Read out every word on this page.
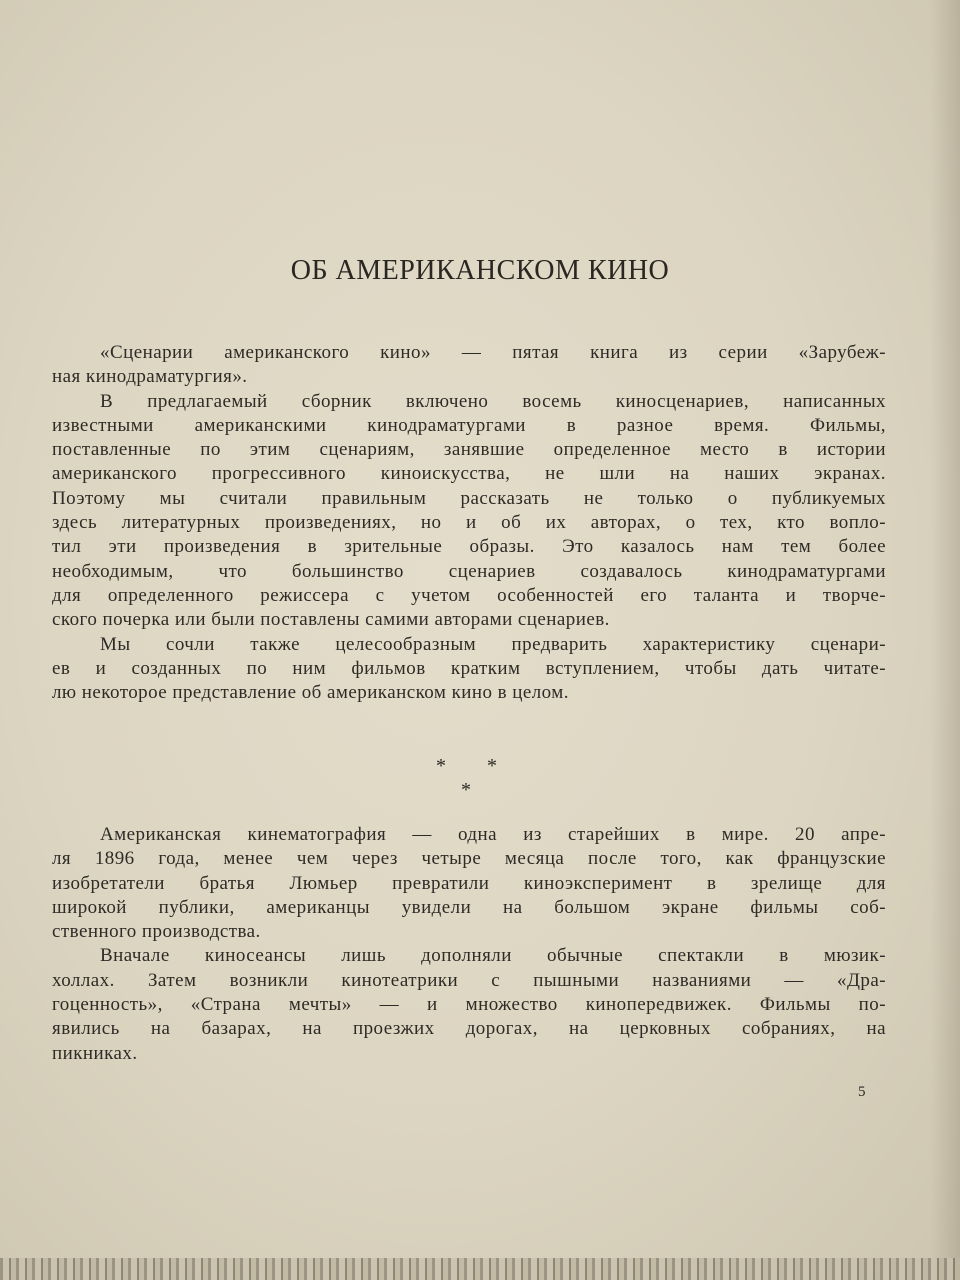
ОБ АМЕРИКАНСКОМ КИНО
«Сценарии американского кино» — пятая книга из серии «Зарубеж-
ная кинодраматургия».
В предлагаемый сборник включено восемь киносценариев, написанных
известными американскими кинодраматургами в разное время. Фильмы,
поставленные по этим сценариям, занявшие определенное место в истории
американского прогрессивного киноискусства, не шли на наших экранах.
Поэтому мы считали правильным рассказать не только о публикуемых
здесь литературных произведениях, но и об их авторах, о тех, кто вопло-
тил эти произведения в зрительные образы. Это казалось нам тем более
необходимым, что большинство сценариев создавалось кинодраматургами
для определенного режиссера с учетом особенностей его таланта и творче-
ского почерка или были поставлены самими авторами сценариев.
Мы сочли также целесообразным предварить характеристику сценари-
ев и созданных по ним фильмов кратким вступлением, чтобы дать читате-
лю некоторое представление об американском кино в целом.
* *
*
Американская кинематография — одна из старейших в мире. 20 апре-
ля 1896 года, менее чем через четыре месяца после того, как французские
изобретатели братья Люмьер превратили киноэксперимент в зрелище для
широкой публики, американцы увидели на большом экране фильмы соб-
ственного производства.
Вначале киносеансы лишь дополняли обычные спектакли в мюзик-
холлах. Затем возникли кинотеатрики с пышными названиями — «Дра-
гоценность», «Страна мечты» — и множество кинопередвижек. Фильмы по-
явились на базарах, на проезжих дорогах, на церковных собраниях, на
пикниках.
5
